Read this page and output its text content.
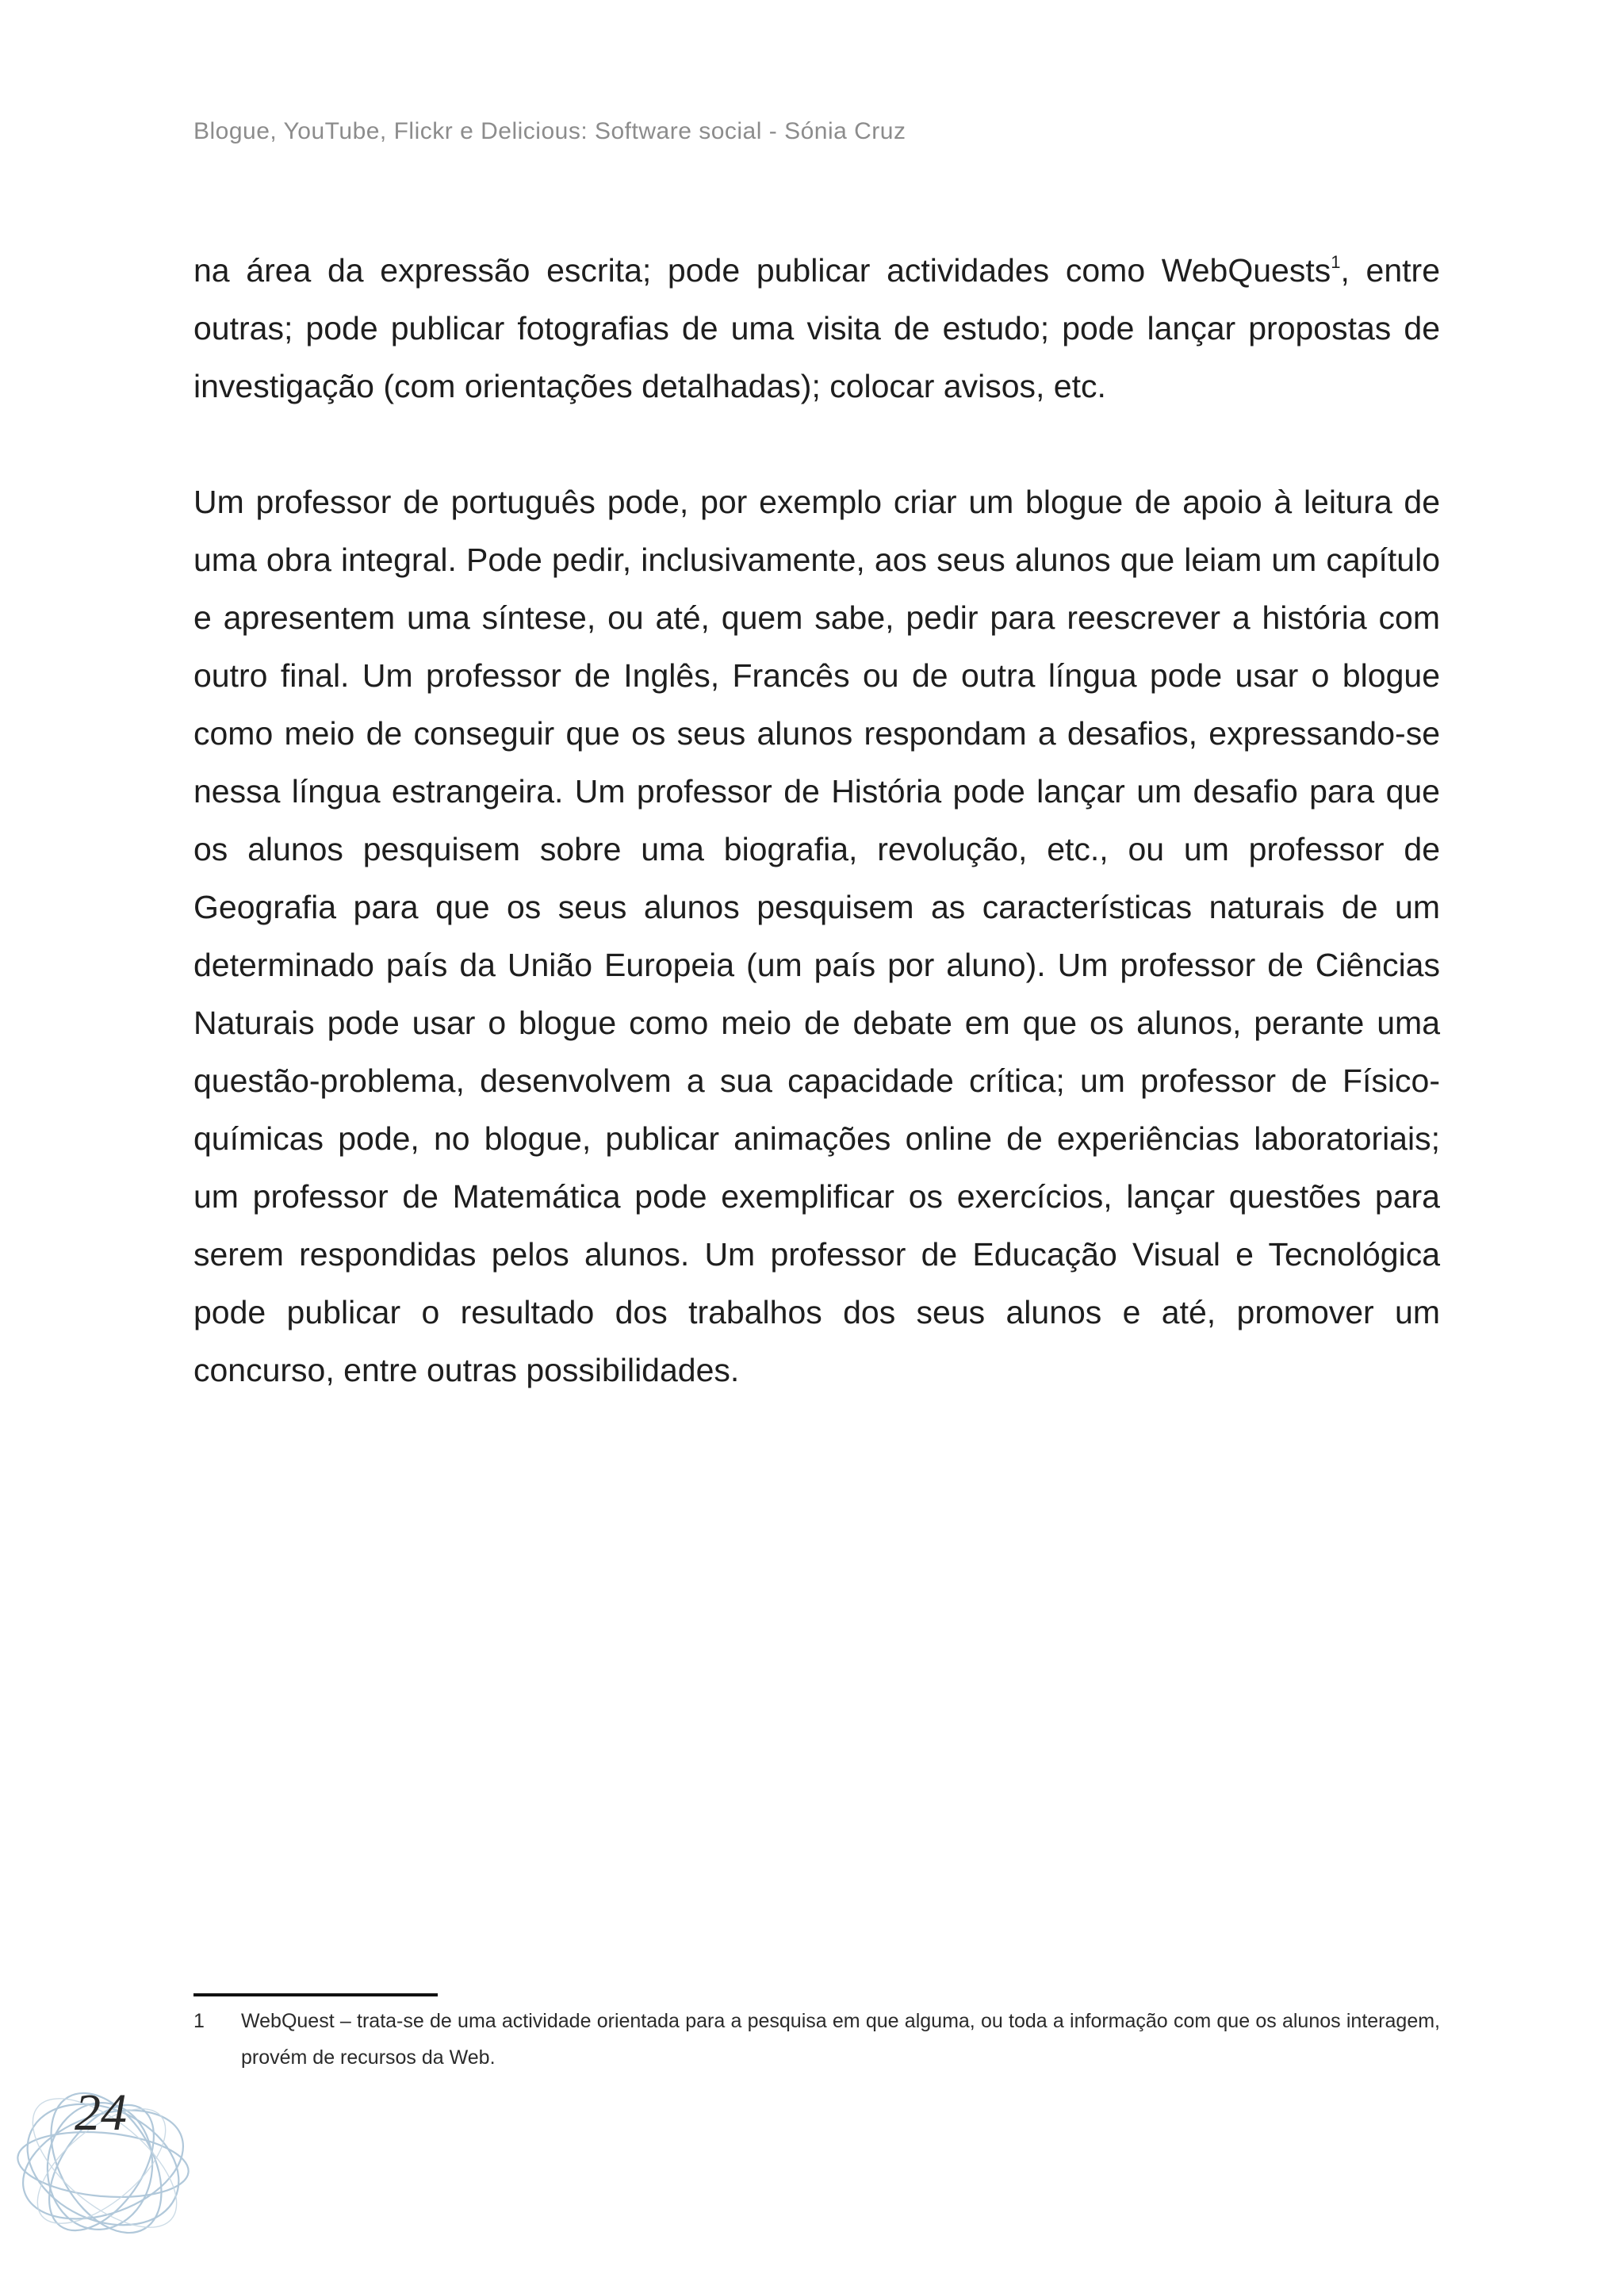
Blogue, YouTube, Flickr e Delicious: Software social - Sónia Cruz

na área da expressão escrita; pode publicar actividades como WebQuests$^1$, entre outras; pode publicar fotografias de uma visita de estudo; pode lançar propostas de investigação (com orientações detalhadas); colocar avisos, etc.

Um professor de português pode, por exemplo criar um blogue de apoio à leitura de uma obra integral. Pode pedir, inclusivamente, aos seus alunos que leiam um capítulo e apresentem uma síntese, ou até, quem sabe, pedir para reescrever a história com outro final. Um professor de Inglês, Francês ou de outra língua pode usar o blogue como meio de conseguir que os seus alunos respondam a desafios, expressando-se nessa língua estrangeira. Um professor de História pode lançar um desafio para que os alunos pesquisem sobre uma biografia, revolução, etc., ou um professor de Geografia para que os seus alunos pesquisem as características naturais de um determinado país da União Europeia (um país por aluno). Um professor de Ciências Naturais pode usar o blogue como meio de debate em que os alunos, perante uma questão-problema, desenvolvem a sua capacidade crítica; um professor de Físico-químicas pode, no blogue, publicar animações online de experiências laboratoriais; um professor de Matemática pode exemplificar os exercícios, lançar questões para serem respondidas pelos alunos. Um professor de Educação Visual e Tecnológica pode publicar o resultado dos trabalhos dos seus alunos e até, promover um concurso, entre outras possibilidades.

1	WebQuest – trata-se de uma actividade orientada para a pesquisa em que alguma, ou toda a informação com que os alunos interagem, provém de recursos da Web.
24
